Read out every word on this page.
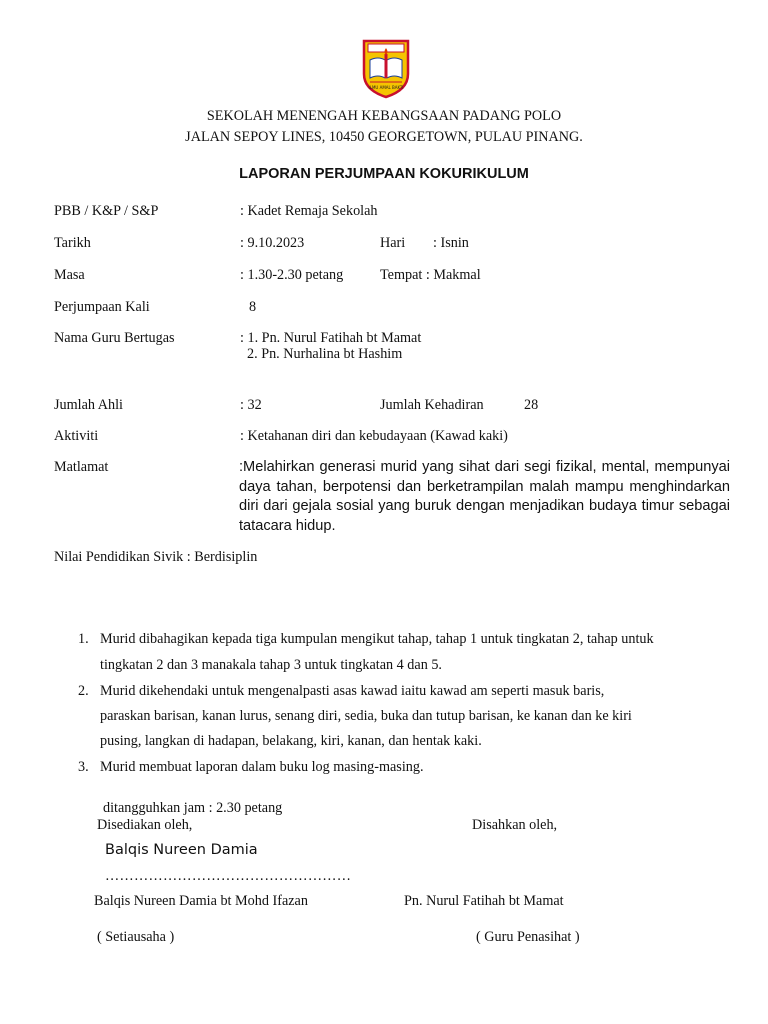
ILMU AMAL BAKTI
SEKOLAH MENENGAH KEBANGSAAN PADANG POLO
JALAN SEPOY LINES, 10450 GEORGETOWN, PULAU PINANG.
LAPORAN PERJUMPAAN KOKURIKULUM
PBB / K&P / S&P	: Kadet Remaja Sekolah
Tarikh	: 9.10.2023	Hari : Isnin
Masa	: 1.30-2.30 petang	Tempat : Makmal
Perjumpaan Kali	8
Nama Guru Bertugas	: 1. Pn. Nurul Fatihah bt Mamat
2. Pn. Nurhalina bt Hashim
Jumlah Ahli	: 32	Jumlah Kehadiran	28
Aktiviti	: Ketahanan diri dan kebudayaan (Kawad kaki)
Matlamat	:Melahirkan generasi murid yang sihat dari segi fizikal, mental, mempunyai daya tahan, berpotensi dan berketrampilan malah mampu menghindarkan diri dari gejala sosial yang buruk dengan menjadikan budaya timur sebagai tatacara hidup.
Nilai Pendidikan Sivik : Berdisiplin
1. Murid dibahagikan kepada tiga kumpulan mengikut tahap, tahap 1 untuk tingkatan 2, tahap untuk
tingkatan 2 dan 3 manakala tahap 3 untuk tingkatan 4 dan 5.
2. Murid dikehendaki untuk mengenalpasti asas kawad iaitu kawad am seperti masuk baris,
paraskan barisan, kanan lurus, senang diri, sedia, buka dan tutup barisan, ke kanan dan ke kiri
pusing, langkan di hadapan, belakang, kiri, kanan, dan hentak kaki.
3. Murid membuat laporan dalam buku log masing-masing.
ditangguhkan jam : 2.30 petang
Disediakan oleh,	Disahkan oleh,
Balqis Nureen Damia
……………………………………………
Balqis Nureen Damia bt Mohd Ifazan	Pn. Nurul Fatihah bt Mamat
( Setiausaha )	( Guru Penasihat )
